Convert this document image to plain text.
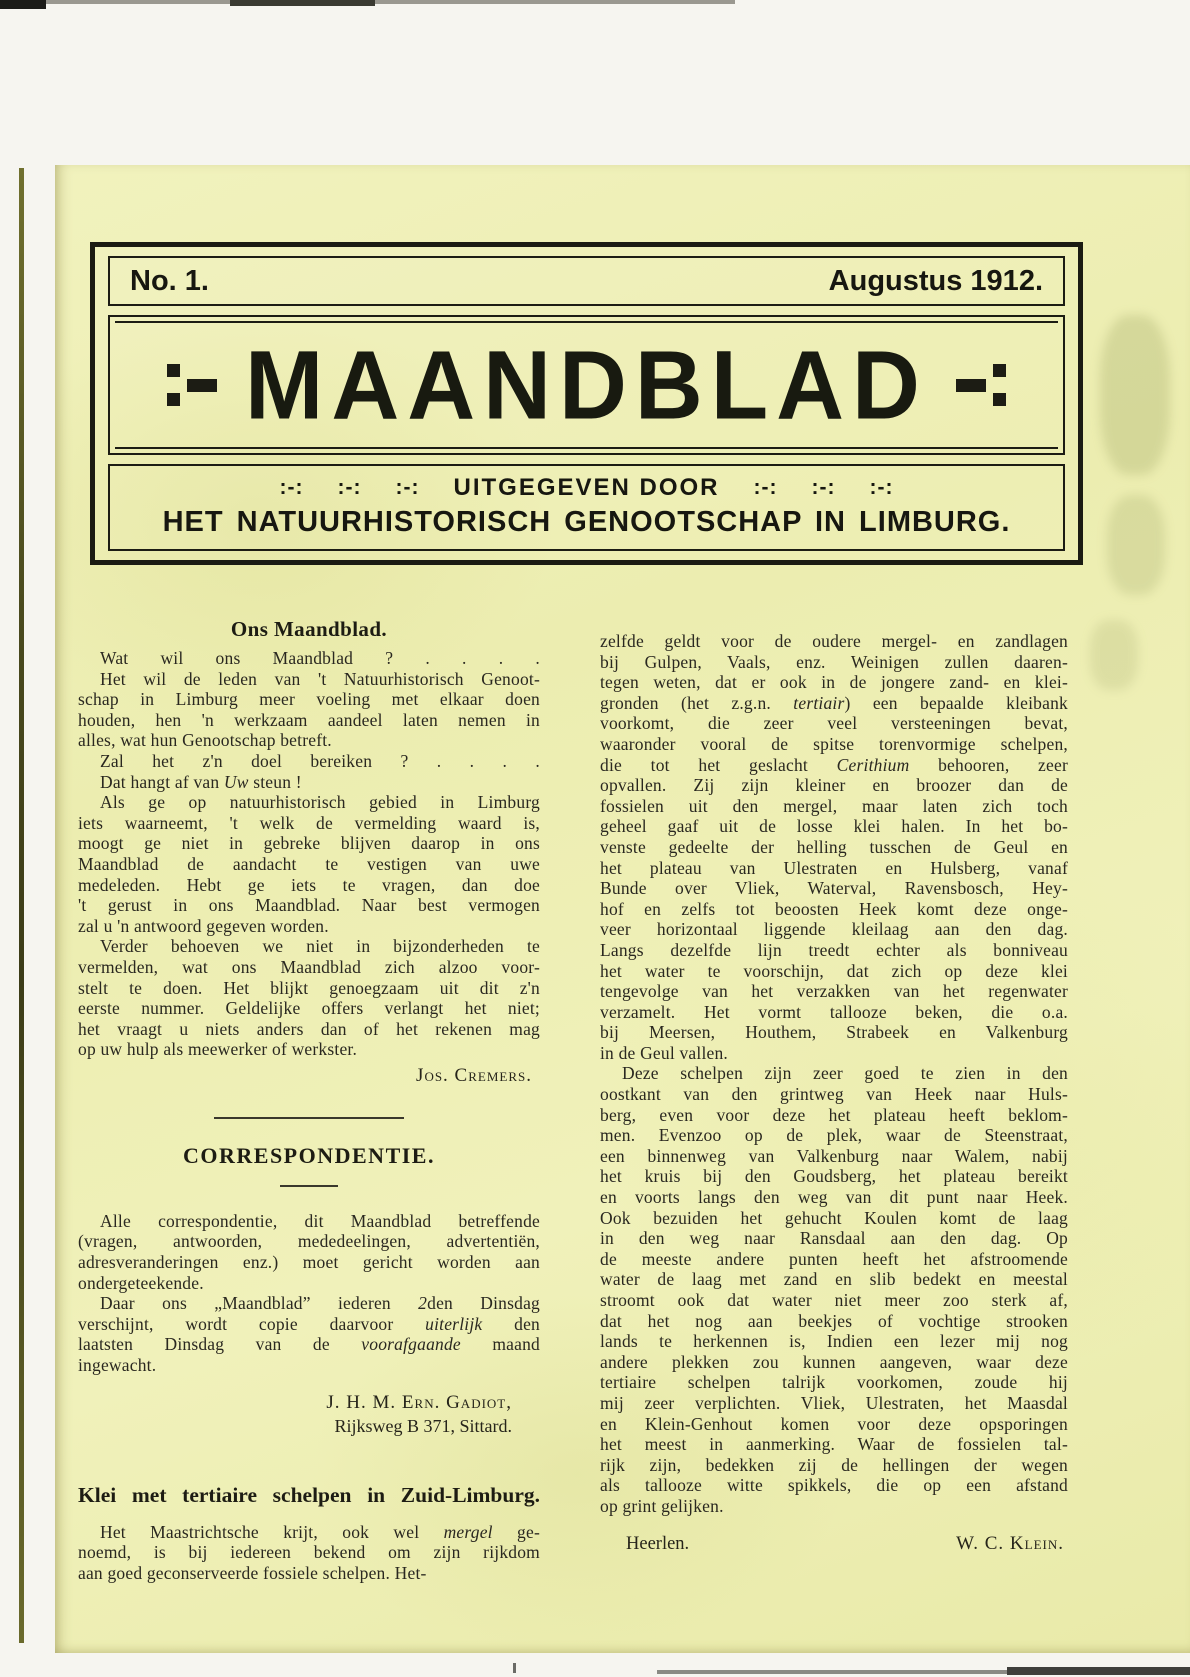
No. 1.	Augustus 1912.
MAANDBLAD
:-: :-: :-: UITGEGEVEN DOOR :-: :-: :-:
HET NATUURHISTORISCH GENOOTSCHAP IN LIMBURG.
Ons Maandblad.
Wat wil ons Maandblad ? . . . .
Het wil de leden van 't Natuurhistorisch Genoot-
schap in Limburg meer voeling met elkaar doen
houden, hen 'n werkzaam aandeel laten nemen in
alles, wat hun Genootschap betreft.
Zal het z'n doel bereiken ? . . . .
Dat hangt af van Uw steun !
Als ge op natuurhistorisch gebied in Limburg
iets waarneemt, 't welk de vermelding waard is,
moogt ge niet in gebreke blijven daarop in ons
Maandblad de aandacht te vestigen van uwe
medeleden. Hebt ge iets te vragen, dan doe
't gerust in ons Maandblad. Naar best vermogen
zal u 'n antwoord gegeven worden.
Verder behoeven we niet in bijzonderheden te
vermelden, wat ons Maandblad zich alzoo voor-
stelt te doen. Het blijkt genoegzaam uit dit z'n
eerste nummer. Geldelijke offers verlangt het niet;
het vraagt u niets anders dan of het rekenen mag
op uw hulp als meewerker of werkster.
Jos. Cremers.
CORRESPONDENTIE.
Alle correspondentie, dit Maandblad betreffende
(vragen, antwoorden, mededeelingen, advertentiën,
adresveranderingen enz.) moet gericht worden aan
ondergeteekende.
Daar ons „Maandblad” iederen 2den Dinsdag
verschijnt, wordt copie daarvoor uiterlijk den
laatsten Dinsdag van de voorafgaande maand
ingewacht.
J. H. M. Ern. Gadiot,
Rijksweg B 371, Sittard.
Klei met tertiaire schelpen in Zuid-Limburg.
Het Maastrichtsche krijt, ook wel mergel ge-
noemd, is bij iedereen bekend om zijn rijkdom
aan goed geconserveerde fossiele schelpen. Het-
zelfde geldt voor de oudere mergel- en zandlagen
bij Gulpen, Vaals, enz. Weinigen zullen daaren-
tegen weten, dat er ook in de jongere zand- en klei-
gronden (het z.g.n. tertiair) een bepaalde kleibank
voorkomt, die zeer veel versteeningen bevat,
waaronder vooral de spitse torenvormige schelpen,
die tot het geslacht Cerithium behooren, zeer
opvallen. Zij zijn kleiner en broozer dan de
fossielen uit den mergel, maar laten zich toch
geheel gaaf uit de losse klei halen. In het bo-
venste gedeelte der helling tusschen de Geul en
het plateau van Ulestraten en Hulsberg, vanaf
Bunde over Vliek, Waterval, Ravensbosch, Hey-
hof en zelfs tot beoosten Heek komt deze onge-
veer horizontaal liggende kleilaag aan den dag.
Langs dezelfde lijn treedt echter als bonniveau
het water te voorschijn, dat zich op deze klei
tengevolge van het verzakken van het regenwater
verzamelt. Het vormt tallooze beken, die o.a.
bij Meersen, Houthem, Strabeek en Valkenburg
in de Geul vallen.
Deze schelpen zijn zeer goed te zien in den
oostkant van den grintweg van Heek naar Huls-
berg, even voor deze het plateau heeft beklom-
men. Evenzoo op de plek, waar de Steenstraat,
een binnenweg van Valkenburg naar Walem, nabij
het kruis bij den Goudsberg, het plateau bereikt
en voorts langs den weg van dit punt naar Heek.
Ook bezuiden het gehucht Koulen komt de laag
in den weg naar Ransdaal aan den dag. Op
de meeste andere punten heeft het afstroomende
water de laag met zand en slib bedekt en meestal
stroomt ook dat water niet meer zoo sterk af,
dat het nog aan beekjes of vochtige strooken
lands te herkennen is, Indien een lezer mij nog
andere plekken zou kunnen aangeven, waar deze
tertiaire schelpen talrijk voorkomen, zoude hij
mij zeer verplichten. Vliek, Ulestraten, het Maasdal
en Klein-Genhout komen voor deze opsporingen
het meest in aanmerking. Waar de fossielen tal-
rijk zijn, bedekken zij de hellingen der wegen
als tallooze witte spikkels, die op een afstand
op grint gelijken.
Heerlen.	W. C. Klein.
